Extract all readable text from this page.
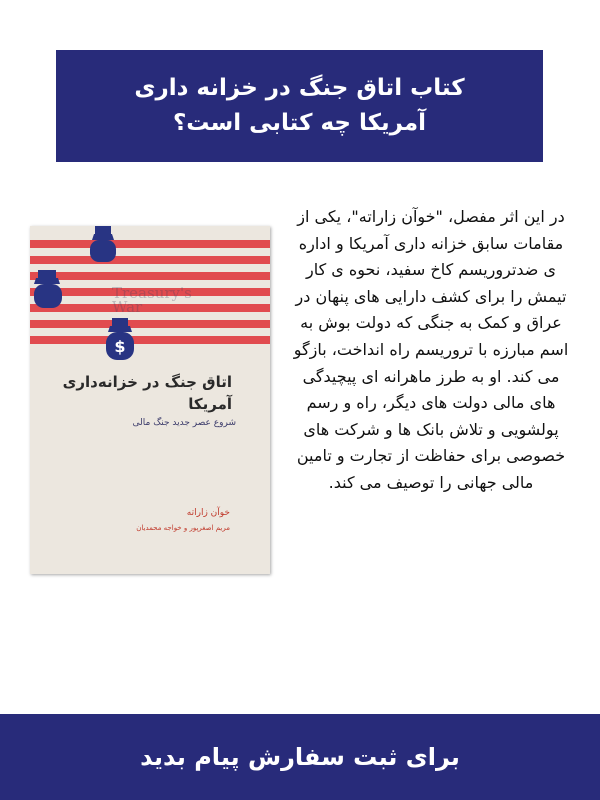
کتاب اتاق جنگ در خزانه داری
آمریکا چه کتابی است؟
$
Treasury's
War
اتاق جنگ در خزانه‌داری
آمریکا
شروع عصر جدید جنگ مالی
خوآن زاراته
مریم اصغرپور و خواجه محمدیان

در این اثر مفصل، "خوآن زاراته"، یکی از مقامات سابق خزانه داری آمریکا و اداره ی ضدتروریسم کاخ سفید، نحوه ی کار تیمش را برای کشف دارایی های پنهان در عراق و کمک به جنگی که دولت بوش به اسم مبارزه با تروریسم راه انداخت، بازگو می کند. او به طرز ماهرانه ای پیچیدگی های مالی دولت های دیگر، راه و رسم پولشویی و تلاش بانک ها و شرکت های خصوصی برای حفاظت از تجارت و تامین مالی جهانی را توصیف می کند.

برای ثبت سفارش پیام بدید
